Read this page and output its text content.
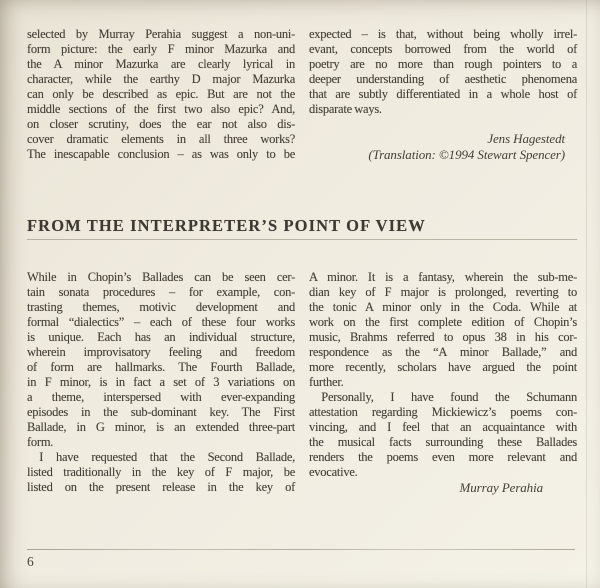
selected by Murray Perahia suggest a non-uni-
form picture: the early F minor Mazurka and
the A minor Mazurka are clearly lyrical in
character, while the earthy D major Mazurka
can only be described as epic. But are not the
middle sections of the first two also epic? And,
on closer scrutiny, does the ear not also dis-
cover dramatic elements in all three works?
The inescapable conclusion – as was only to be
expected – is that, without being wholly irrel-
evant, concepts borrowed from the world of
poetry are no more than rough pointers to a
deeper understanding of aesthetic phenomena
that are subtly differentiated in a whole host of
disparate ways.
Jens Hagestedt
(Translation: ©1994 Stewart Spencer)
FROM THE INTERPRETER’S POINT OF VIEW
While in Chopin’s Ballades can be seen cer-
tain sonata procedures – for example, con-
trasting themes, motivic development and
formal “dialectics” – each of these four works
is unique. Each has an individual structure,
wherein improvisatory feeling and freedom
of form are hallmarks. The Fourth Ballade,
in F minor, is in fact a set of 3 variations on
a theme, interspersed with ever-expanding
episodes in the sub-dominant key. The First
Ballade, in G minor, is an extended three-part
form.
 I have requested that the Second Ballade,
listed traditionally in the key of F major, be
listed on the present release in the key of
A minor. It is a fantasy, wherein the sub-me-
dian key of F major is prolonged, reverting to
the tonic A minor only in the Coda. While at
work on the first complete edition of Chopin’s
music, Brahms referred to opus 38 in his cor-
respondence as the “A minor Ballade,” and
more recently, scholars have argued the point
further.
 Personally, I have found the Schumann
attestation regarding Mickiewicz’s poems con-
vincing, and I feel that an acquaintance with
the musical facts surrounding these Ballades
renders the poems even more relevant and
evocative.
Murray Perahia
6
